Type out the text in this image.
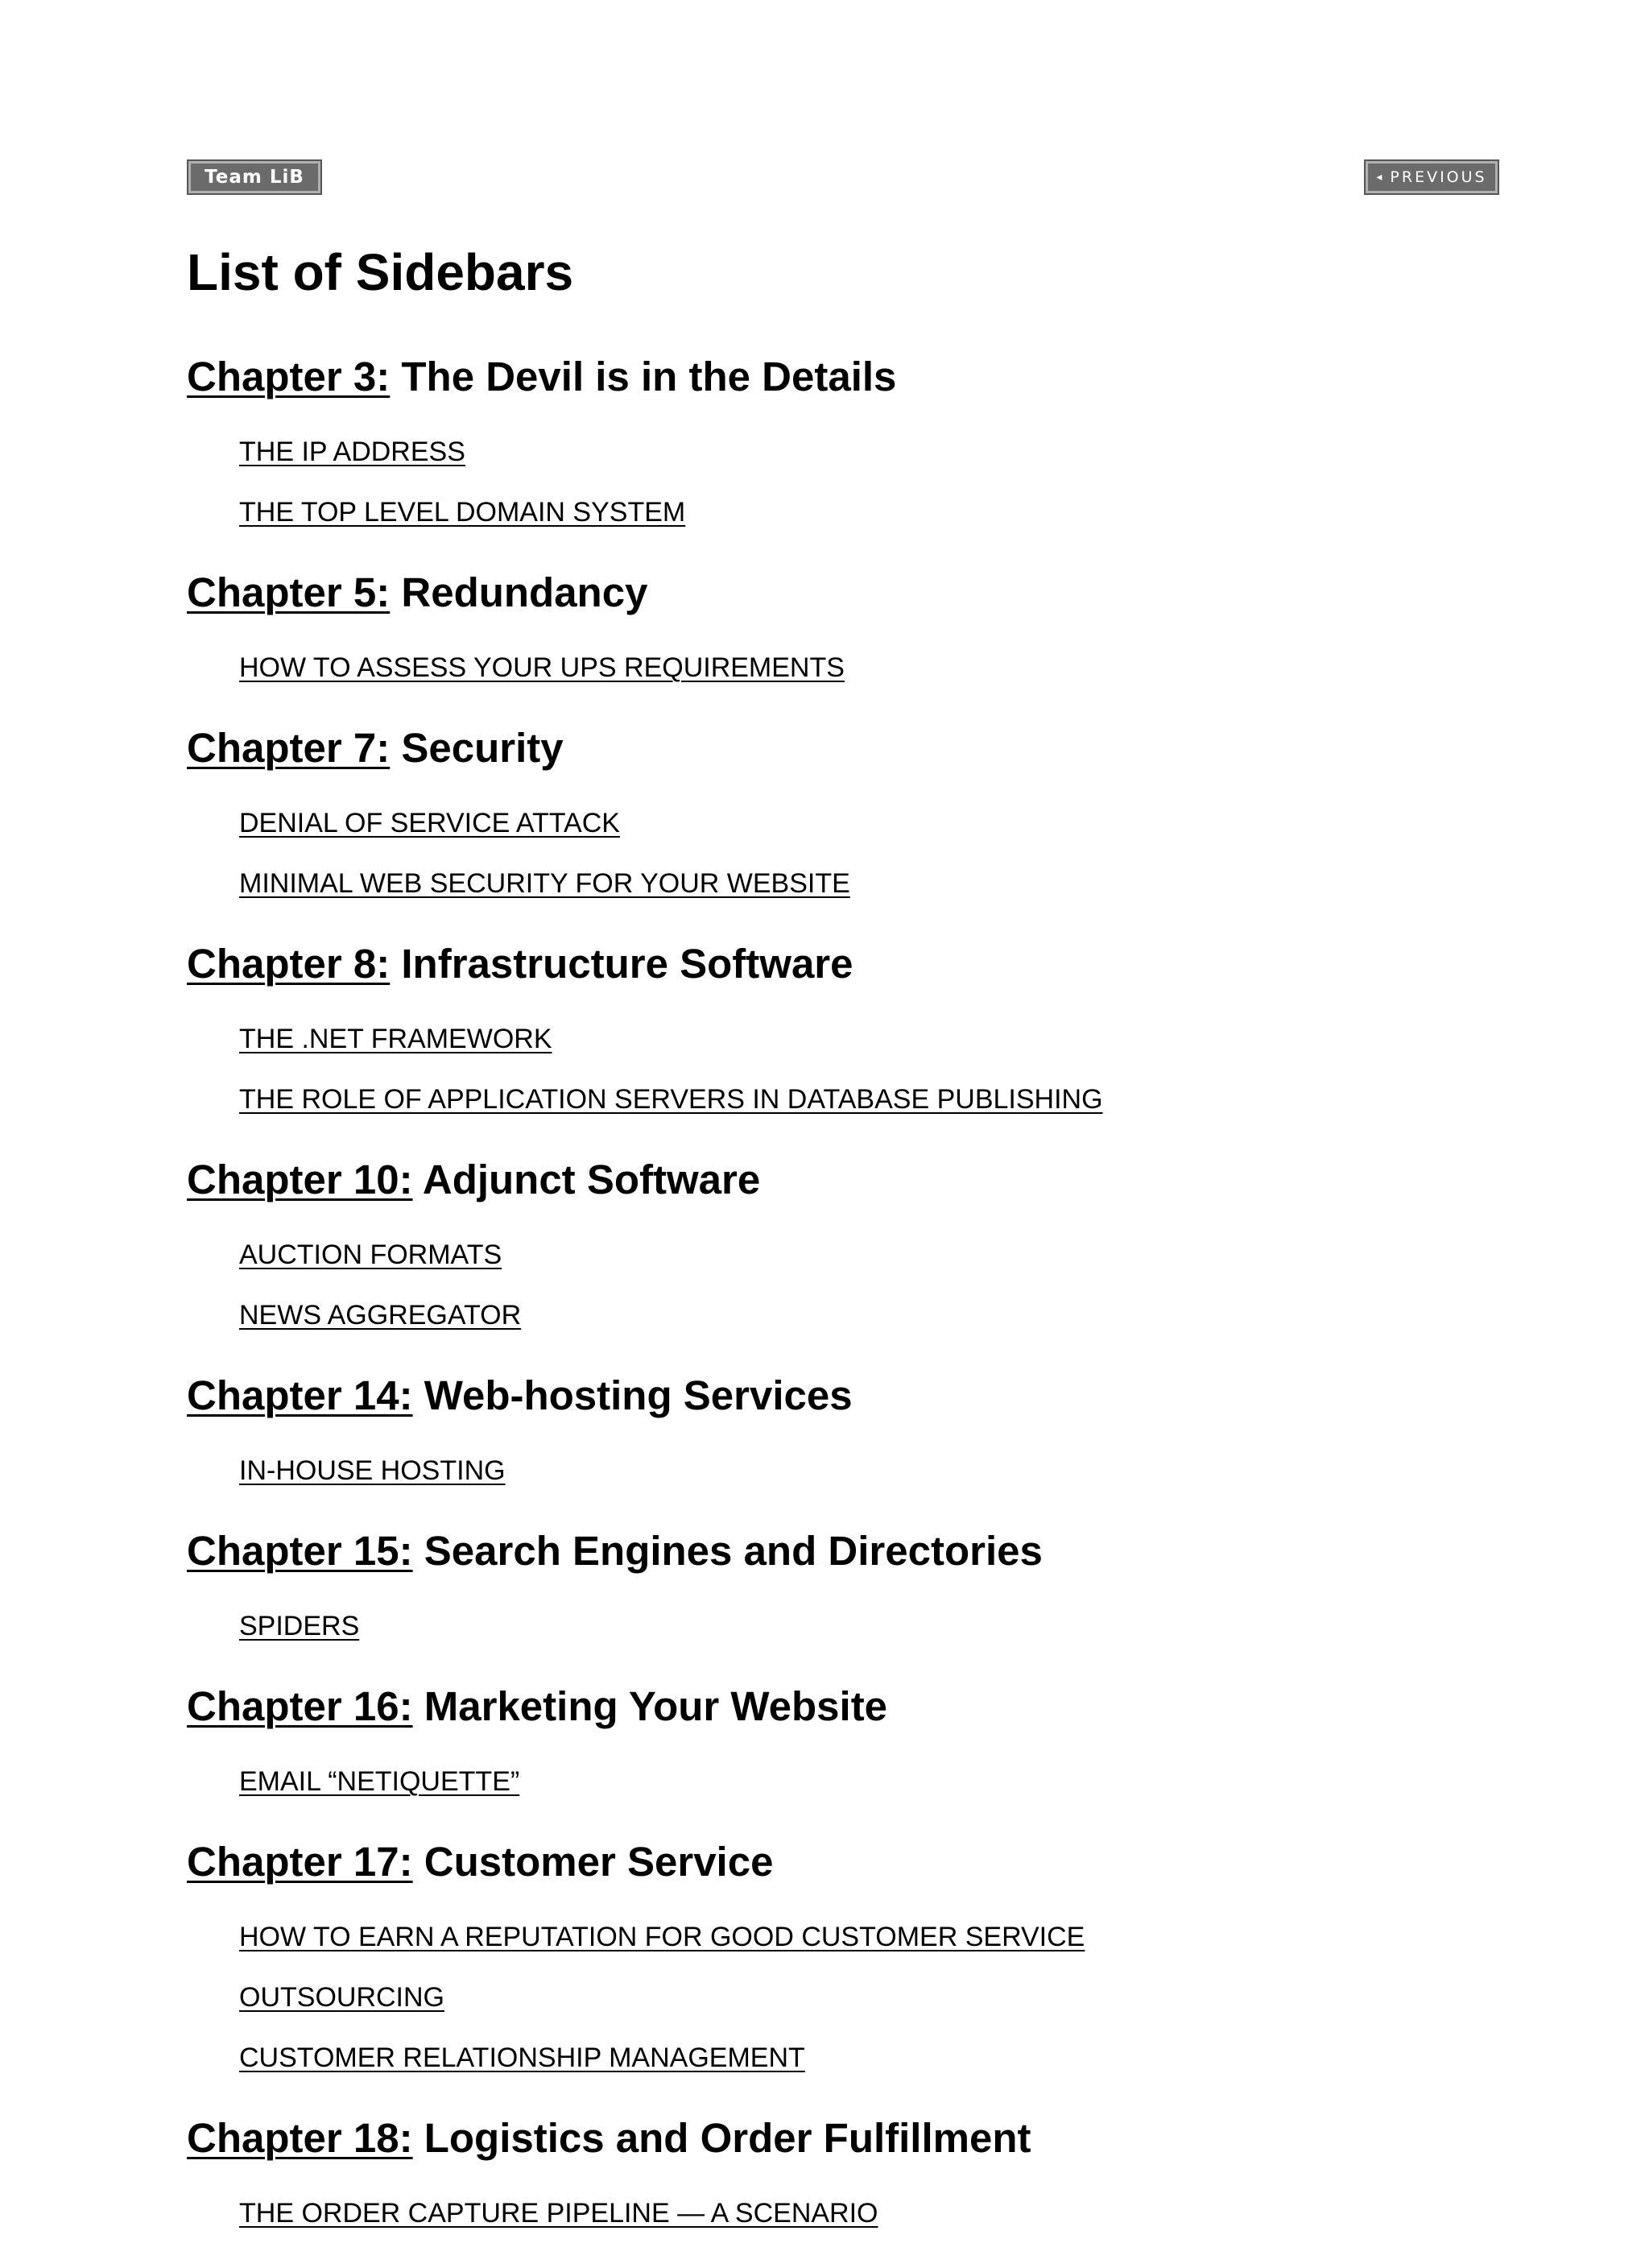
Team LiB	◂ PREVIOUS
List of Sidebars
Chapter 3: The Devil is in the Details
THE IP ADDRESS
THE TOP LEVEL DOMAIN SYSTEM
Chapter 5: Redundancy
HOW TO ASSESS YOUR UPS REQUIREMENTS
Chapter 7: Security
DENIAL OF SERVICE ATTACK
MINIMAL WEB SECURITY FOR YOUR WEBSITE
Chapter 8: Infrastructure Software
THE .NET FRAMEWORK
THE ROLE OF APPLICATION SERVERS IN DATABASE PUBLISHING
Chapter 10: Adjunct Software
AUCTION FORMATS
NEWS AGGREGATOR
Chapter 14: Web-hosting Services
IN-HOUSE HOSTING
Chapter 15: Search Engines and Directories
SPIDERS
Chapter 16: Marketing Your Website
EMAIL “NETIQUETTE”
Chapter 17: Customer Service
HOW TO EARN A REPUTATION FOR GOOD CUSTOMER SERVICE
OUTSOURCING
CUSTOMER RELATIONSHIP MANAGEMENT
Chapter 18: Logistics and Order Fulfillment
THE ORDER CAPTURE PIPELINE — A SCENARIO
